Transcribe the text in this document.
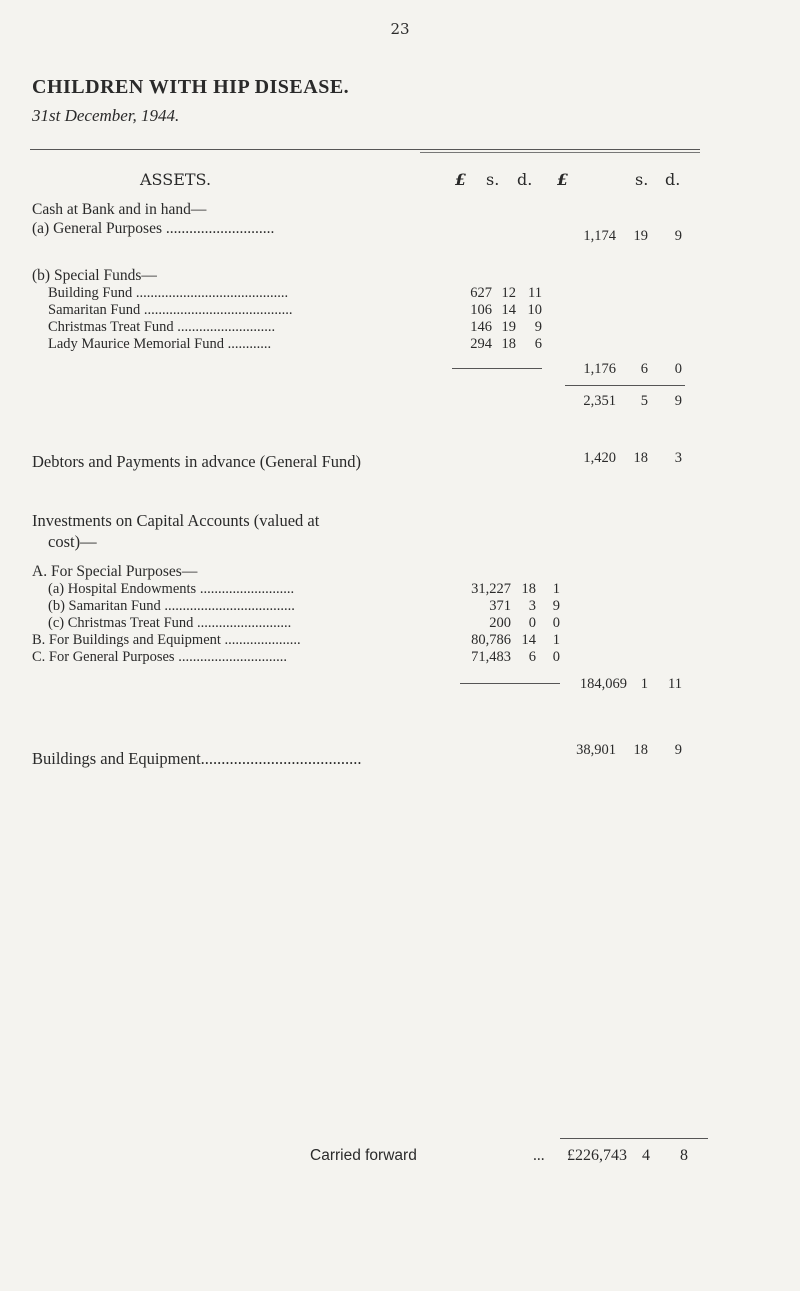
23
CHILDREN WITH HIP DISEASE.
31st December, 1944.
ASSETS.	£ s. d. £	s. d.
Cash at Bank and in hand—
(a) General Purposes ............................	1,174	19	9
(b) Special Funds—
Building Fund ..........................................	627 12 11
Samaritan Fund .........................................	106 14 10
Christmas Treat Fund ...........................	146 19	9
Lady Maurice Memorial Fund ............	294 18	6
1,176	6	0
2,351	5	9
Debtors and Payments in advance (General Fund)	1,420	18	3
Investments on Capital Accounts (valued at
cost)—
A. For Special Purposes—
(a) Hospital Endowments ..........................	31,227 18	1
(b) Samaritan Fund ....................................	371	3	9
(c) Christmas Treat Fund ..........................	200	0	0
B. For Buildings and Equipment .....................	80,786 14	1
C. For General Purposes ..............................	71,483	6	0
184,069 1	11
Buildings and Equipment.......................................	38,901	18	9
Carried forward	...	£226,743 4	8
